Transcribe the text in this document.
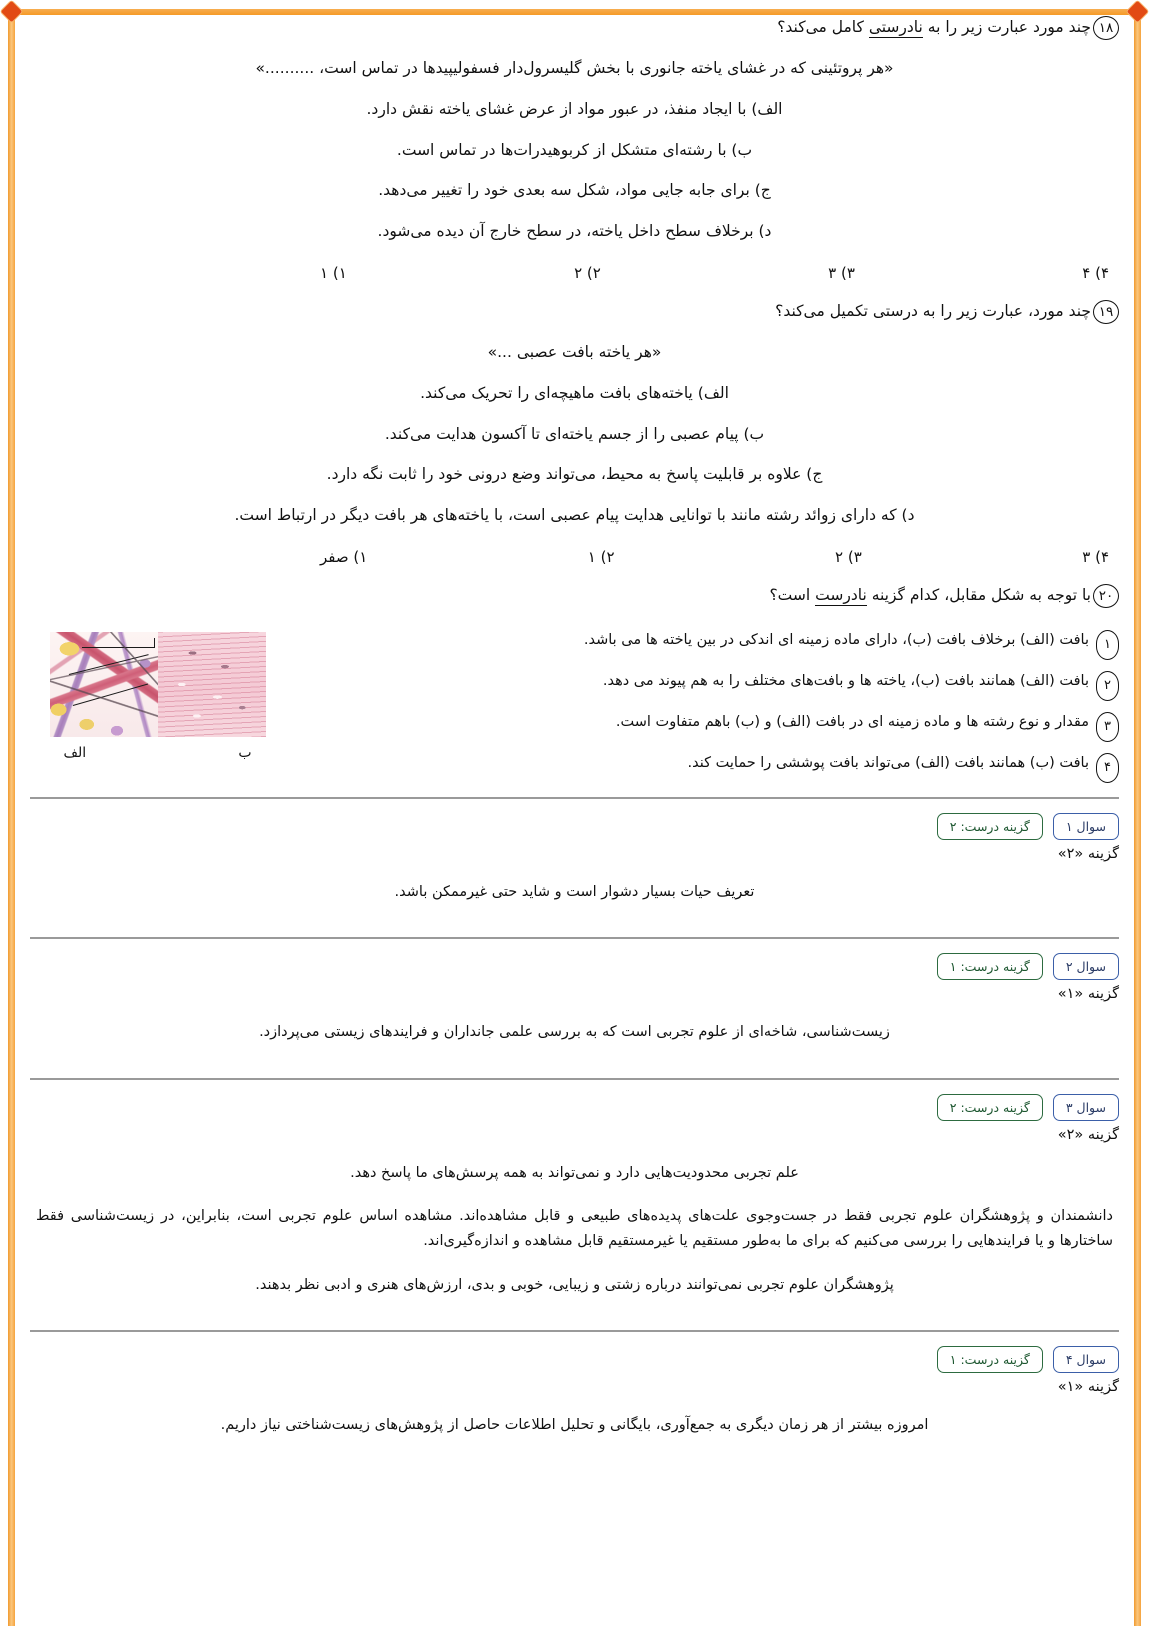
۱۸
چند مورد عبارت زیر را به نادرستی کامل می‌کند؟

«هر پروتئینی که در غشای یاخته جانوری با بخش گلیسرول‌دار فسفولیپیدها در تماس است، ..........»

الف) با ایجاد منفذ، در عبور مواد از عرض غشای یاخته نقش دارد.

ب) با رشته‌ای متشکل از کربوهیدرات‌ها در تماس است.

ج) برای جابه جایی مواد، شکل سه بعدی خود را تغییر می‌دهد.

د) برخلاف سطح داخل یاخته، در سطح خارج آن دیده می‌شود.

۴) ۴
۳) ۳
۲) ۲
۱) ۱
۱۹
چند مورد، عبارت زیر را به درستی تکمیل می‌کند؟

«هر یاخته بافت عصبی ...»

الف) یاخته‌های بافت ماهیچه‌ای را تحریک می‌کند.

ب) پیام عصبی را از جسم یاخته‌ای تا آکسون هدایت می‌کند.

ج) علاوه بر قابلیت پاسخ به محیط، می‌تواند وضع درونی خود را ثابت نگه دارد.

د) که دارای زوائد رشته مانند با توانایی هدایت پیام عصبی است، با یاخته‌های هر بافت دیگر در ارتباط است.

۴) ۳
۳) ۲
۲) ۱
۱) صفر
۲۰
با توجه به شکل مقابل، کدام گزینه نادرست است؟
۱
بافت (الف) برخلاف بافت (ب)، دارای ماده زمینه ای اندکی در بین یاخته ها می باشد.
۲
بافت (الف) همانند بافت (ب)، یاخته ها و بافت‌های مختلف را به هم پیوند می دهد.
۳
مقدار و نوع رشته ها و ماده زمینه ای در بافت (الف) و (ب) باهم متفاوت است.
۴
بافت (ب) همانند بافت (الف) می‌تواند بافت پوششی را حمایت کند.
ب
الف
سوال ۱
گزینه درست: ۲
گزینه «۲»

تعریف حیات بسیار دشوار است و شاید حتی غیرممکن باشد.

سوال ۲
گزینه درست: ۱
گزینه «۱»

زیست‌شناسی، شاخه‌ای از علوم تجربی است که به بررسی علمی جانداران و فرایندهای زیستی می‌پردازد.

سوال ۳
گزینه درست: ۲
گزینه «۲»

علم تجربی محدودیت‌هایی دارد و نمی‌تواند به همه پرسش‌های ما پاسخ دهد.

دانشمندان و پژوهشگران علوم تجربی فقط در جست‌وجوی علت‌های پدیده‌های طبیعی و قابل مشاهده‌اند. مشاهده اساس علوم تجربی است، بنابراین، در زیست‌شناسی فقط ساختارها و یا فرایندهایی را بررسی می‌کنیم که برای ما به‌طور مستقیم یا غیرمستقیم قابل مشاهده و اندازه‌گیری‌اند.

پژوهشگران علوم تجربی نمی‌توانند درباره زشتی و زیبایی، خوبی و بدی، ارزش‌های هنری و ادبی نظر بدهند.

سوال ۴
گزینه درست: ۱
گزینه «۱»

امروزه بیشتر از هر زمان دیگری به جمع‌آوری، بایگانی و تحلیل اطلاعات حاصل از پژوهش‌های زیست‌شناختی نیاز داریم.
